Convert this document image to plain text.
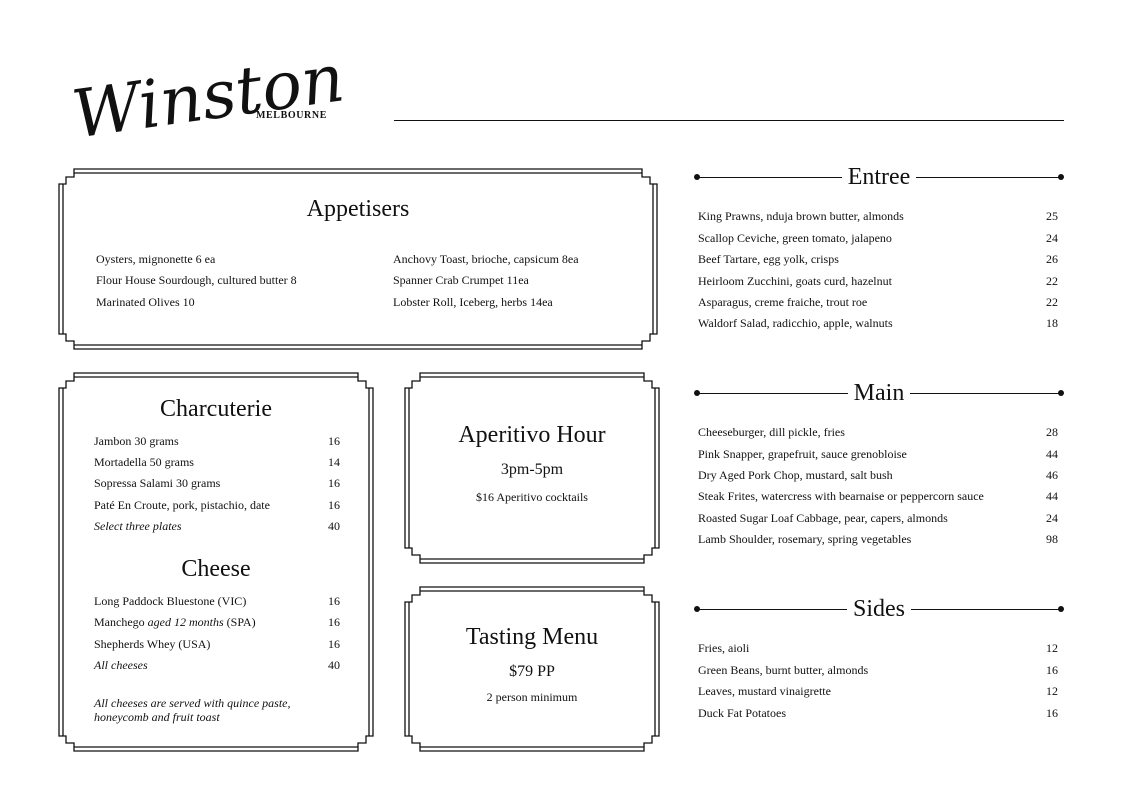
Winston's
MELBOURNE
Appetisers
Oysters, mignonette 6 ea
Flour House Sourdough, cultured butter 8
Marinated Olives 10
Anchovy Toast, brioche, capsicum 8ea
Spanner Crab Crumpet 11ea
Lobster Roll, Iceberg, herbs 14ea
Charcuterie
Jambon 30 grams	16
Mortadella 50 grams	14
Sopressa Salami 30 grams	16
Paté En Croute, pork, pistachio, date	16
Select three plates	40
Cheese
Long Paddock Bluestone (VIC)	16
Manchego aged 12 months (SPA)	16
Shepherds Whey (USA)	16
All cheeses	40
All cheeses are served with quince paste,
honeycomb and fruit toast
Aperitivo Hour
3pm-5pm
$16 Aperitivo cocktails
Tasting Menu
$79 PP
2 person minimum
Entree
King Prawns, nduja brown butter, almonds	25
Scallop Ceviche, green tomato, jalapeno	24
Beef Tartare, egg yolk, crisps	26
Heirloom Zucchini, goats curd, hazelnut	22
Asparagus, creme fraiche, trout roe	22
Waldorf Salad, radicchio, apple, walnuts	18
Main
Cheeseburger, dill pickle, fries	28
Pink Snapper, grapefruit, sauce grenobloise	44
Dry Aged Pork Chop, mustard, salt bush	46
Steak Frites, watercress with bearnaise or peppercorn sauce	44
Roasted Sugar Loaf Cabbage, pear, capers, almonds	24
Lamb Shoulder, rosemary, spring vegetables	98
Sides
Fries, aioli	12
Green Beans, burnt butter, almonds	16
Leaves, mustard vinaigrette	12
Duck Fat Potatoes	16
